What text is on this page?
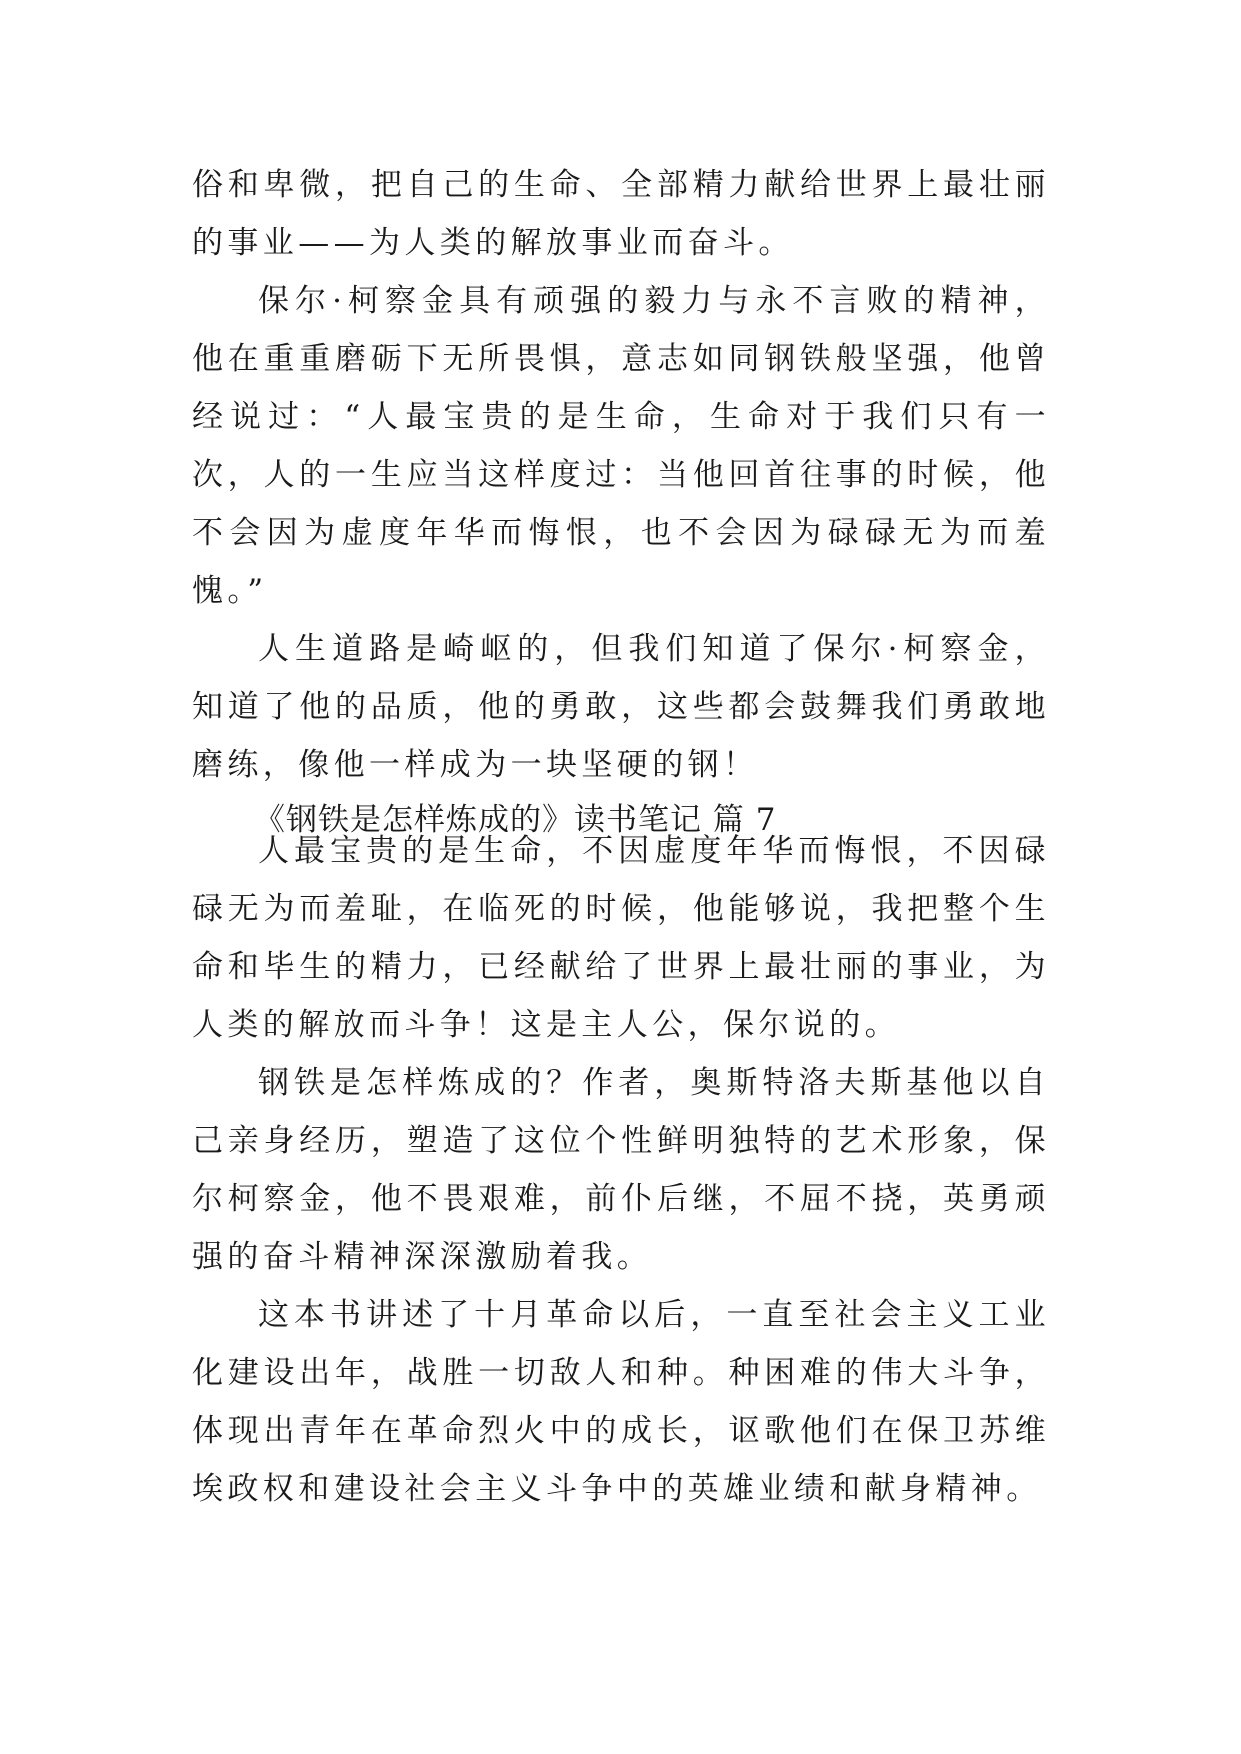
俗和卑微，把自己的生命、全部精力献给世界上最壮丽的事业——为人类的解放事业而奋斗。

保尔·柯察金具有顽强的毅力与永不言败的精神，他在重重磨砺下无所畏惧，意志如同钢铁般坚强，他曾经说过：“人最宝贵的是生命，生命对于我们只有一次，人的一生应当这样度过：当他回首往事的时候，他不会因为虚度年华而悔恨，也不会因为碌碌无为而羞愧。”

人生道路是崎岖的，但我们知道了保尔·柯察金，知道了他的品质，他的勇敢，这些都会鼓舞我们勇敢地磨练，像他一样成为一块坚硬的钢！

《钢铁是怎样炼成的》读书笔记 篇 7

人最宝贵的是生命，不因虚度年华而悔恨，不因碌碌无为而羞耻，在临死的时候，他能够说，我把整个生命和毕生的精力，已经献给了世界上最壮丽的事业，为人类的解放而斗争！这是主人公，保尔说的。

钢铁是怎样炼成的？作者，奥斯特洛夫斯基他以自己亲身经历，塑造了这位个性鲜明独特的艺术形象，保尔柯察金，他不畏艰难，前仆后继，不屈不挠，英勇顽强的奋斗精神深深激励着我。

这本书讲述了十月革命以后，一直至社会主义工业化建设出年，战胜一切敌人和种。种困难的伟大斗争，体现出青年在革命烈火中的成长，讴歌他们在保卫苏维埃政权和建设社会主义斗争中的英雄业绩和献身精神。
